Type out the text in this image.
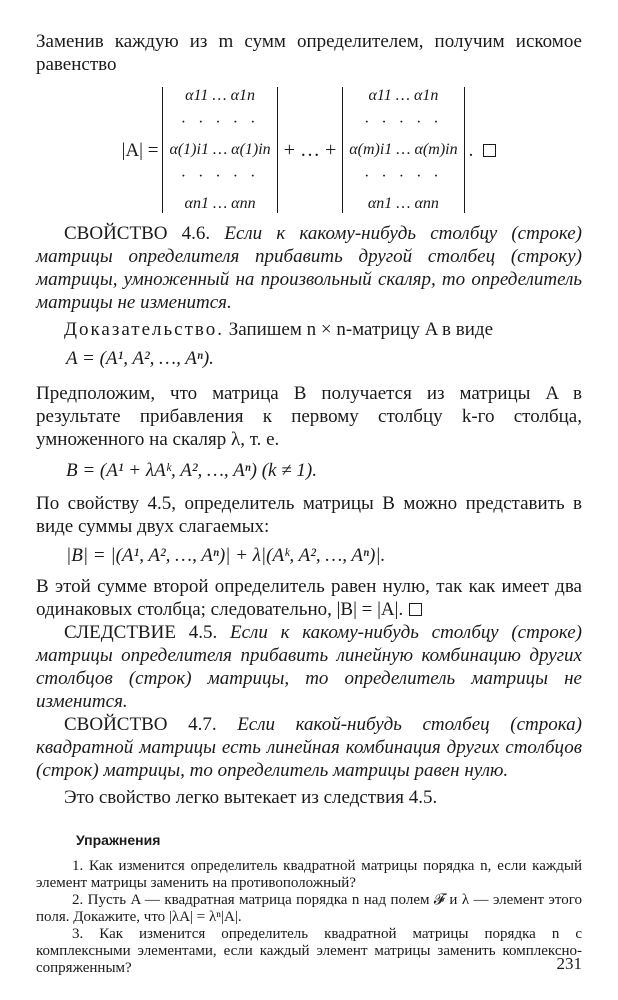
Заменив каждую из m сумм определителем, получим искомое равенство

|A| =
α11 … α1n
· · · · ·
α(1)i1 … α(1)in
· · · · ·
αn1 … αnn
+ … +
α11 … α1n
· · · · ·
α(m)i1 … α(m)in
· · · · ·
αn1 … αnn
.

СВОЙСТВО 4.6. Если к какому-нибудь столбцу (строке) матрицы определителя прибавить другой столбец (строку) матрицы, умноженный на произвольный скаляр, то определитель матрицы не изменится.

Доказательство. Запишем n × n-матрицу A в виде

A = (A¹, A², …, Aⁿ).

Предположим, что матрица B получается из матрицы A в результате прибавления к первому столбцу k-го столбца, умноженного на скаляр λ, т. е.

B = (A¹ + λAᵏ, A², …, Aⁿ) (k ≠ 1).

По свойству 4.5, определитель матрицы B можно представить в виде суммы двух слагаемых:

|B| = |(A¹, A², …, Aⁿ)| + λ|(Aᵏ, A², …, Aⁿ)|.

В этой сумме второй определитель равен нулю, так как имеет два одинаковых столбца; следовательно, |B| = |A|.

СЛЕДСТВИЕ 4.5. Если к какому-нибудь столбцу (строке) матрицы определителя прибавить линейную комбинацию других столбцов (строк) матрицы, то определитель матрицы не изменится.

СВОЙСТВО 4.7. Если какой-нибудь столбец (строка) квадратной матрицы есть линейная комбинация других столбцов (строк) матрицы, то определитель матрицы равен нулю.

Это свойство легко вытекает из следствия 4.5.

Упражнения

1. Как изменится определитель квадратной матрицы порядка n, если каждый элемент матрицы заменить на противоположный?

2. Пусть A — квадратная матрица порядка n над полем 𝓕 и λ — элемент этого поля. Докажите, что |λA| = λⁿ|A|.

3. Как изменится определитель квадратной матрицы порядка n с комплексными элементами, если каждый элемент матрицы заменить комплексно-сопряженным?	231
